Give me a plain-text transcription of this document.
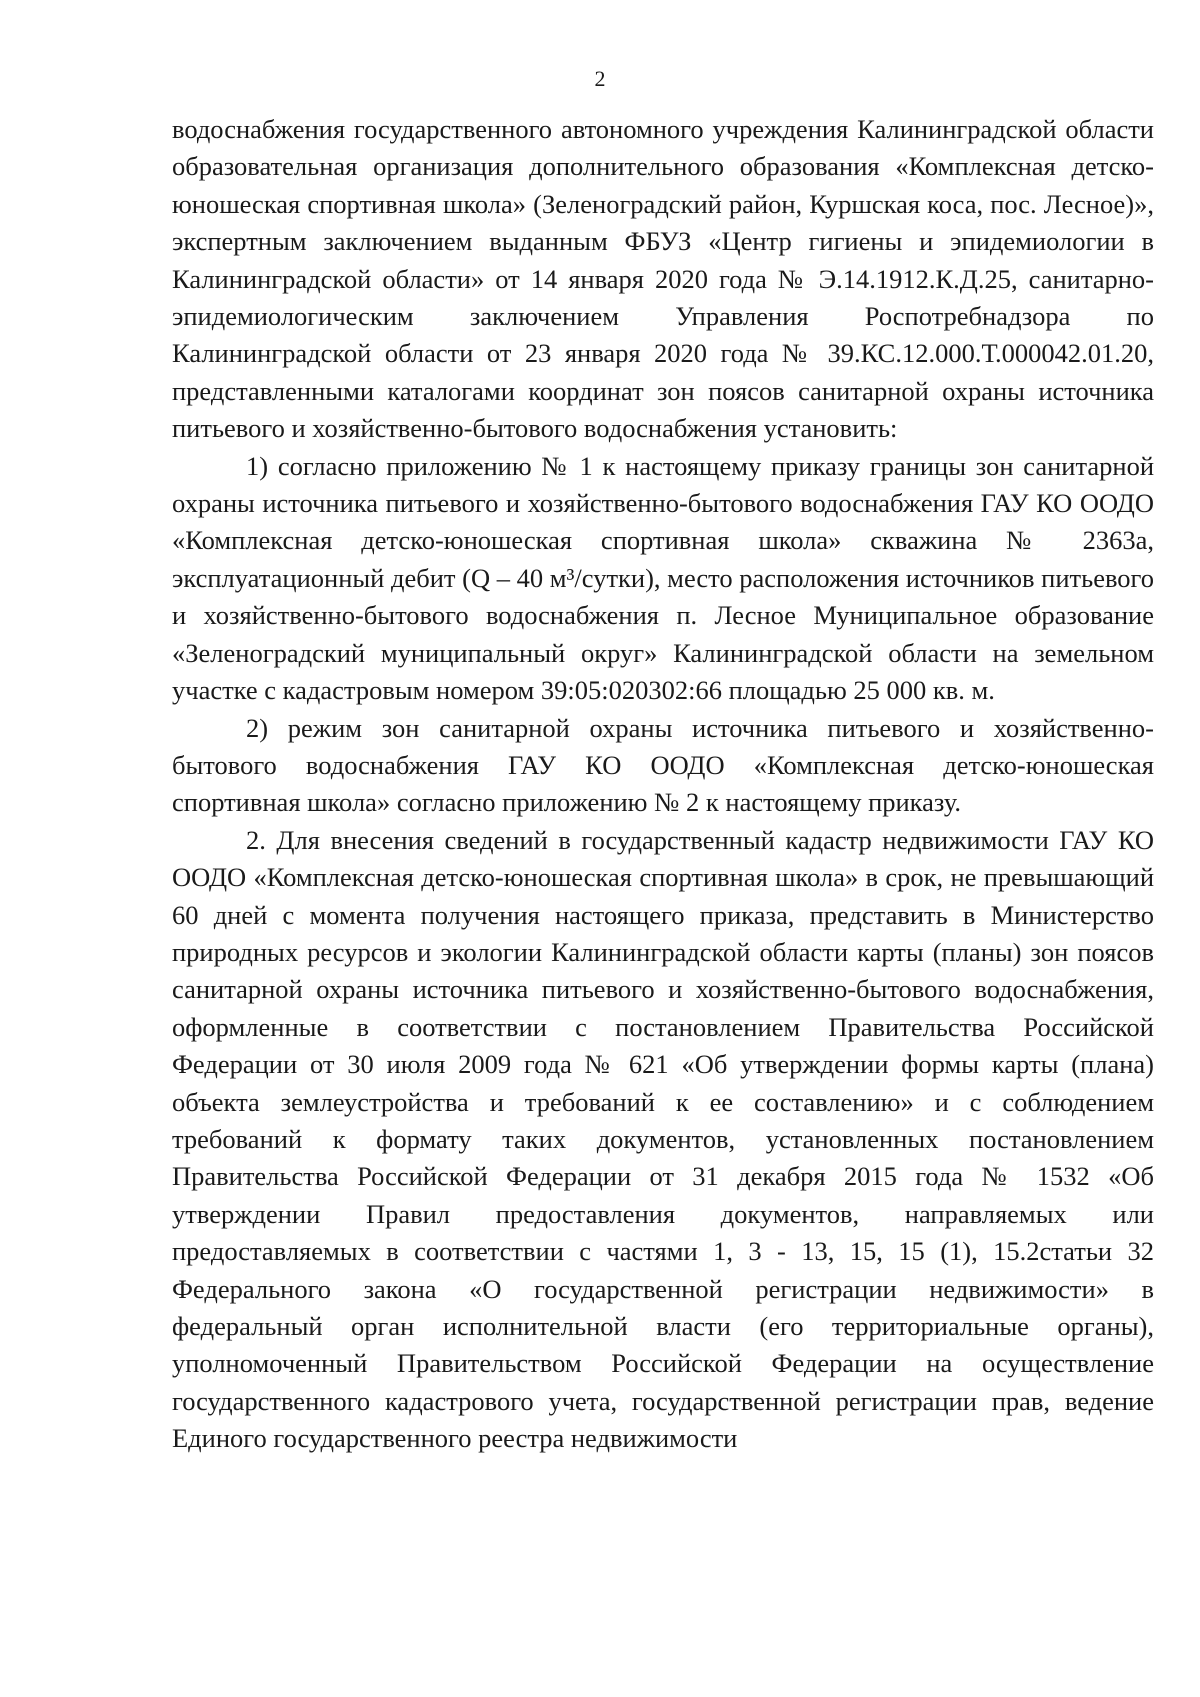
2

водоснабжения государственного автономного учреждения Калининградской области образовательная организация дополнительного образования «Комплексная детско-юношеская спортивная школа» (Зеленоградский район, Куршская коса, пос. Лесное)», экспертным заключением выданным ФБУЗ «Центр гигиены и эпидемиологии в Калининградской области» от 14 января 2020 года № Э.14.1912.К.Д.25, санитарно-эпидемиологическим заключением Управления Роспотребнадзора по Калининградской области от 23 января 2020 года № 39.КС.12.000.Т.000042.01.20, представленными каталогами координат зон поясов санитарной охраны источника питьевого и хозяйственно-бытового водоснабжения установить:

1) согласно приложению № 1 к настоящему приказу границы зон санитарной охраны источника питьевого и хозяйственно-бытового водоснабжения ГАУ КО ООДО «Комплексная детско-юношеская спортивная школа» скважина № 2363а, эксплуатационный дебит (Q – 40 м³/сутки), место расположения источников питьевого и хозяйственно-бытового водоснабжения п. Лесное Муниципальное образование «Зеленоградский муниципальный округ» Калининградской области на земельном участке с кадастровым номером 39:05:020302:66 площадью 25 000 кв. м.

2) режим зон санитарной охраны источника питьевого и хозяйственно-бытового водоснабжения ГАУ КО ООДО «Комплексная детско-юношеская спортивная школа» согласно приложению № 2 к настоящему приказу.

2. Для внесения сведений в государственный кадастр недвижимости ГАУ КО ООДО «Комплексная детско-юношеская спортивная школа» в срок, не превышающий 60 дней с момента получения настоящего приказа, представить в Министерство природных ресурсов и экологии Калининградской области карты (планы) зон поясов санитарной охраны источника питьевого и хозяйственно-бытового водоснабжения, оформленные в соответствии с постановлением Правительства Российской Федерации от 30 июля 2009 года № 621 «Об утверждении формы карты (плана) объекта землеустройства и требований к ее составлению» и с соблюдением требований к формату таких документов, установленных постановлением Правительства Российской Федерации от 31 декабря 2015 года № 1532 «Об утверждении Правил предоставления документов, направляемых или предоставляемых в соответствии с частями 1, 3 - 13, 15, 15 (1), 15.2статьи 32 Федерального закона «О государственной регистрации недвижимости» в федеральный орган исполнительной власти (его территориальные органы), уполномоченный Правительством Российской Федерации на осуществление государственного кадастрового учета, государственной регистрации прав, ведение Единого государственного реестра недвижимости
